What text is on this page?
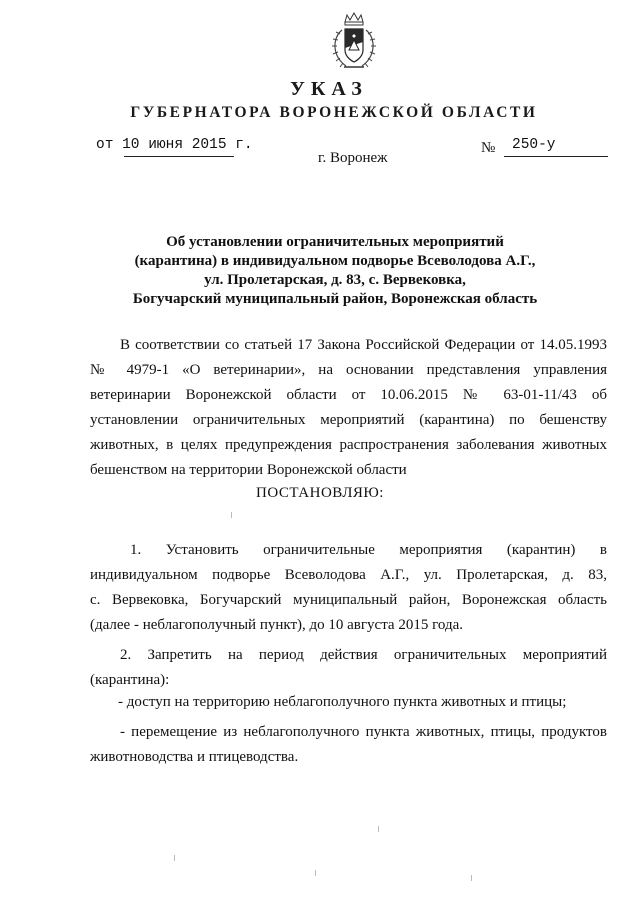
УКАЗ
ГУБЕРНАТОРА ВОРОНЕЖСКОЙ ОБЛАСТИ
от 10 июня 2015 г.	№ 250-у
г. Воронеж
Об установлении ограничительных мероприятий
(карантина) в индивидуальном подворье Всеволодова А.Г.,
ул. Пролетарская, д. 83, с. Вервековка,
Богучарский муниципальный район, Воронежская область
В соответствии со статьей 17 Закона Российской Федерации от 14.05.1993
№ 4979-1 «О ветеринарии», на основании представления управления
ветеринарии Воронежской области от 10.06.2015 № 63-01-11/43 об
установлении ограничительных мероприятий (карантина) по бешенству
животных, в целях предупреждения распространения заболевания животных
бешенством на территории Воронежской области
ПОСТАНОВЛЯЮ:
1. Установить ограничительные мероприятия (карантин) в
индивидуальном подворье Всеволодова А.Г., ул. Пролетарская, д. 83,
с. Вервековка, Богучарский муниципальный район, Воронежская область
(далее - неблагополучный пункт), до 10 августа 2015 года.
2. Запретить на период действия ограничительных мероприятий
(карантина):
- доступ на территорию неблагополучного пункта животных и птицы;
- перемещение из неблагополучного пункта животных, птицы, продуктов
животноводства и птицеводства.
